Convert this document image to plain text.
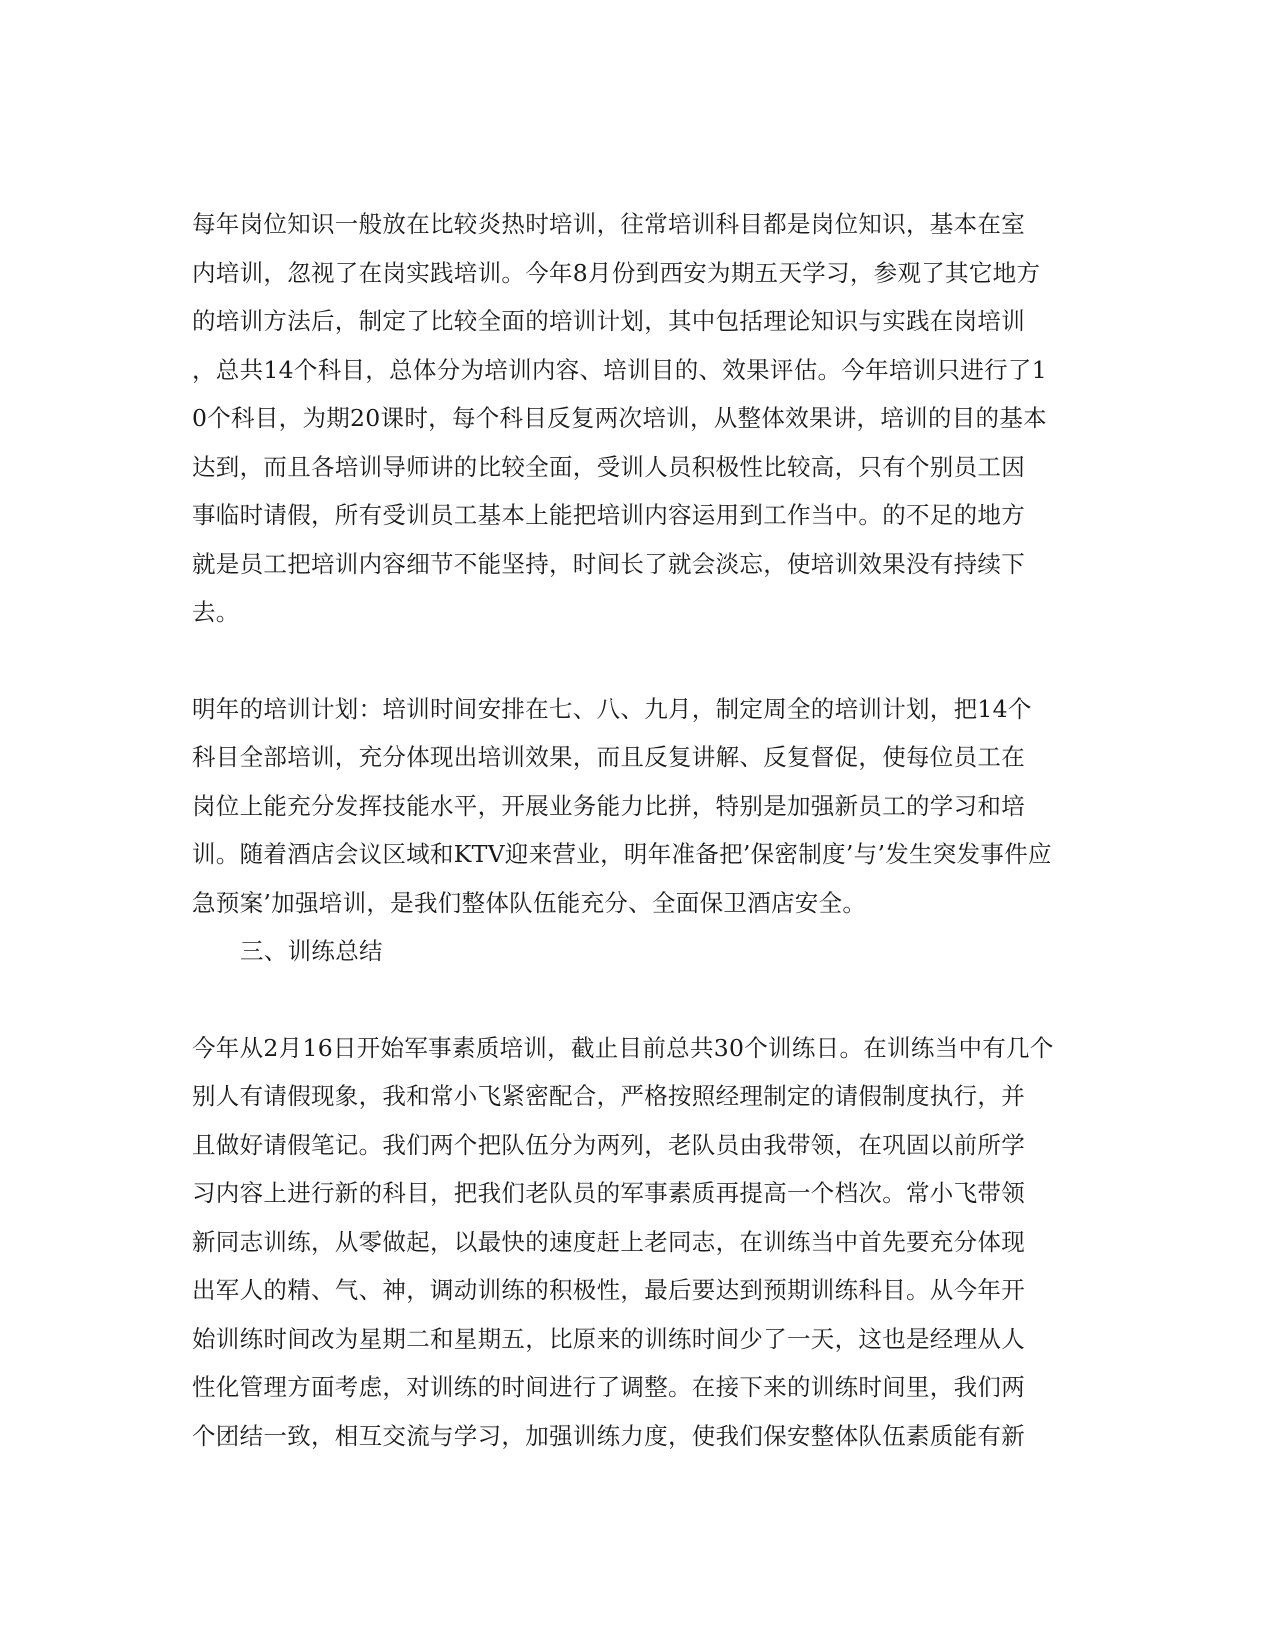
每年岗位知识一般放在比较炎热时培训，往常培训科目都是岗位知识，基本在室
内培训，忽视了在岗实践培训。今年8月份到西安为期五天学习，参观了其它地方
的培训方法后，制定了比较全面的培训计划，其中包括理论知识与实践在岗培训
，总共14个科目，总体分为培训内容、培训目的、效果评估。今年培训只进行了1
0个科目，为期20课时，每个科目反复两次培训，从整体效果讲，培训的目的基本
达到，而且各培训导师讲的比较全面，受训人员积极性比较高，只有个别员工因
事临时请假，所有受训员工基本上能把培训内容运用到工作当中。的不足的地方
就是员工把培训内容细节不能坚持，时间长了就会淡忘，使培训效果没有持续下
去。

明年的培训计划：培训时间安排在七、八、九月，制定周全的培训计划，把14个
科目全部培训，充分体现出培训效果，而且反复讲解、反复督促，使每位员工在
岗位上能充分发挥技能水平，开展业务能力比拼，特别是加强新员工的学习和培
训。随着酒店会议区域和KTV迎来营业，明年准备把’保密制度’与’发生突发事件应
急预案’加强培训，是我们整体队伍能充分、全面保卫酒店安全。

三、训练总结

今年从2月16日开始军事素质培训，截止目前总共30个训练日。在训练当中有几个
别人有请假现象，我和常小飞紧密配合，严格按照经理制定的请假制度执行，并
且做好请假笔记。我们两个把队伍分为两列，老队员由我带领，在巩固以前所学
习内容上进行新的科目，把我们老队员的军事素质再提高一个档次。常小飞带领
新同志训练，从零做起，以最快的速度赶上老同志，在训练当中首先要充分体现
出军人的精、气、神，调动训练的积极性，最后要达到预期训练科目。从今年开
始训练时间改为星期二和星期五，比原来的训练时间少了一天，这也是经理从人
性化管理方面考虑，对训练的时间进行了调整。在接下来的训练时间里，我们两
个团结一致，相互交流与学习，加强训练力度，使我们保安整体队伍素质能有新
